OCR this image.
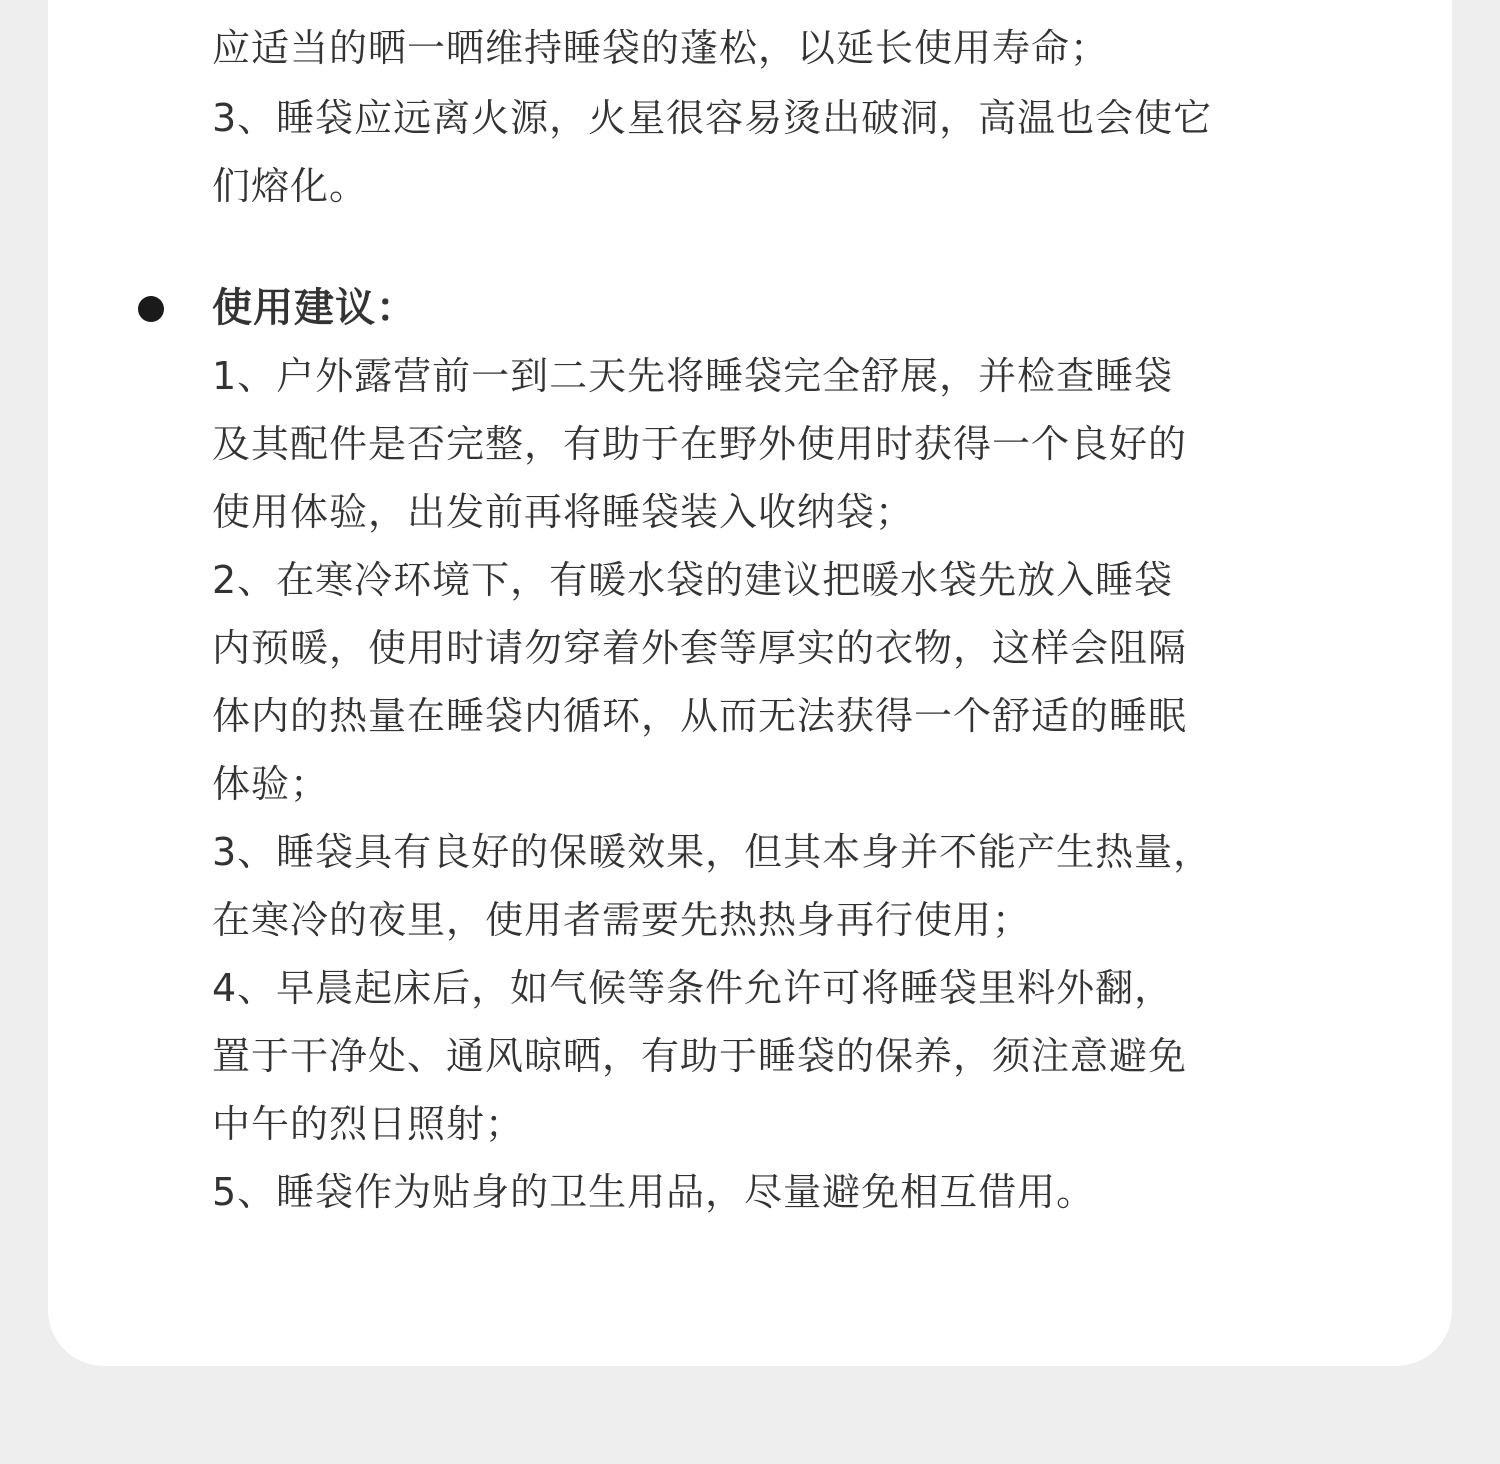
应适当的晒一晒维持睡袋的蓬松，以延长使用寿命；
3、睡袋应远离火源，火星很容易烫出破洞，高温也会使它
们熔化。
使用建议：
1、户外露营前一到二天先将睡袋完全舒展，并检查睡袋
及其配件是否完整，有助于在野外使用时获得一个良好的
使用体验，出发前再将睡袋装入收纳袋；
2、在寒冷环境下，有暖水袋的建议把暖水袋先放入睡袋
内预暖，使用时请勿穿着外套等厚实的衣物，这样会阻隔
体内的热量在睡袋内循环，从而无法获得一个舒适的睡眠
体验；
3、睡袋具有良好的保暖效果，但其本身并不能产生热量，
在寒冷的夜里，使用者需要先热热身再行使用；
4、早晨起床后，如气候等条件允许可将睡袋里料外翻，
置于干净处、通风晾晒，有助于睡袋的保养，须注意避免
中午的烈日照射；
5、睡袋作为贴身的卫生用品，尽量避免相互借用。
